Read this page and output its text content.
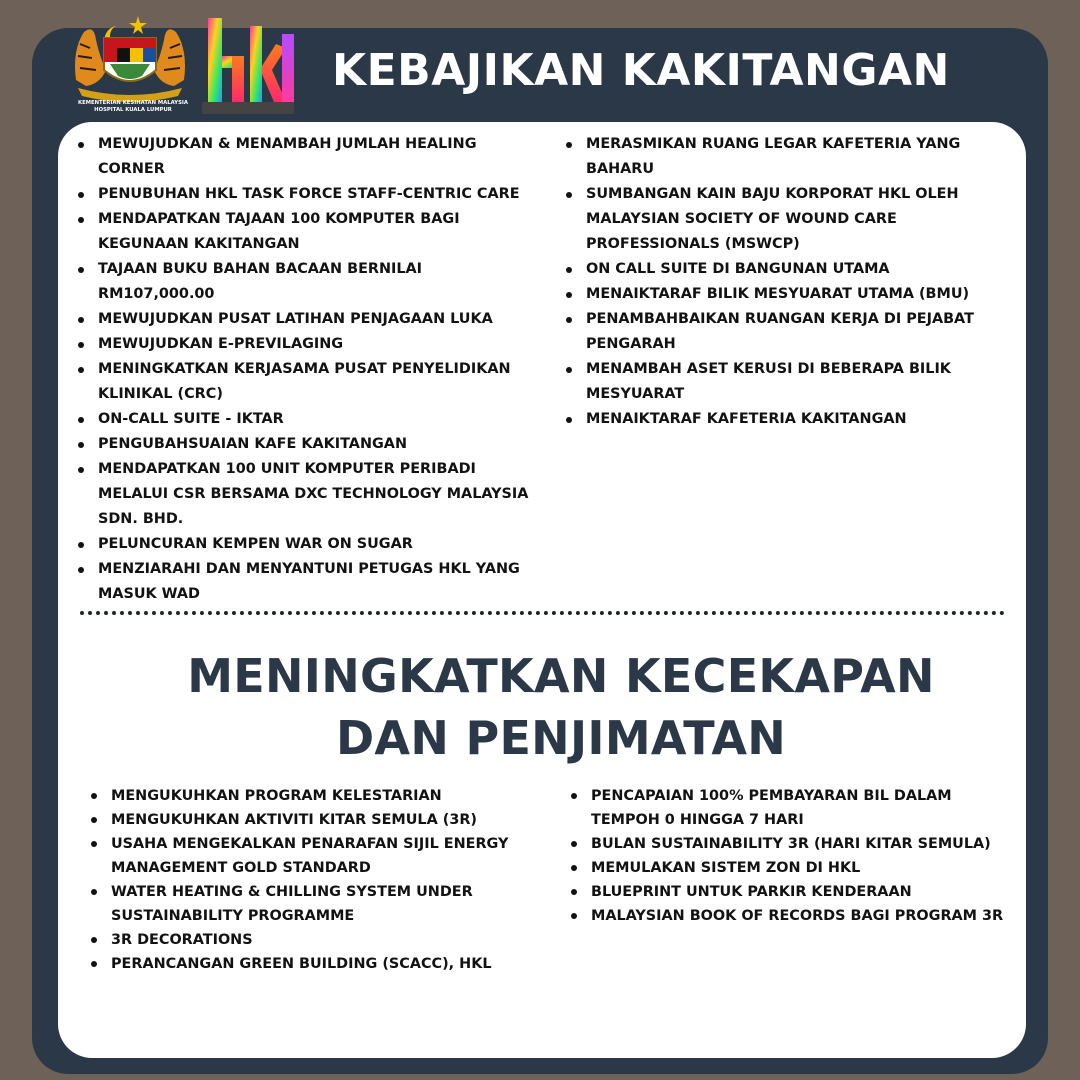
KEMENTERIAN KESIHATAN MALAYSIA
HOSPITAL KUALA LUMPUR
KEBAJIKAN KAKITANGAN
MEWUJUDKAN & MENAMBAH JUMLAH HEALING CORNER
PENUBUHAN HKL TASK FORCE STAFF-CENTRIC CARE
MENDAPATKAN TAJAAN 100 KOMPUTER BAGI KEGUNAAN KAKITANGAN
TAJAAN BUKU BAHAN BACAAN BERNILAI RM107,000.00
MEWUJUDKAN PUSAT LATIHAN PENJAGAAN LUKA
MEWUJUDKAN E-PREVILAGING
MENINGKATKAN KERJASAMA PUSAT PENYELIDIKAN KLINIKAL (CRC)
ON-CALL SUITE - IKTAR
PENGUBAHSUAIAN KAFE KAKITANGAN
MENDAPATKAN 100 UNIT KOMPUTER PERIBADI MELALUI CSR BERSAMA DXC TECHNOLOGY MALAYSIA SDN. BHD.
PELUNCURAN KEMPEN WAR ON SUGAR
MENZIARAHI DAN MENYANTUNI PETUGAS HKL YANG MASUK WAD
MERASMIKAN RUANG LEGAR KAFETERIA YANG BAHARU
SUMBANGAN KAIN BAJU KORPORAT HKL OLEH MALAYSIAN SOCIETY OF WOUND CARE PROFESSIONALS (MSWCP)
ON CALL SUITE DI BANGUNAN UTAMA
MENAIKTARAF BILIK MESYUARAT UTAMA (BMU)
PENAMBAHBAIKAN RUANGAN KERJA DI PEJABAT PENGARAH
MENAMBAH ASET KERUSI DI BEBERAPA BILIK MESYUARAT
MENAIKTARAF KAFETERIA KAKITANGAN
MENINGKATKAN KECEKAPAN
DAN PENJIMATAN
MENGUKUHKAN PROGRAM KELESTARIAN
MENGUKUHKAN AKTIVITI KITAR SEMULA (3R)
USAHA MENGEKALKAN PENARAFAN SIJIL ENERGY MANAGEMENT GOLD STANDARD
WATER HEATING & CHILLING SYSTEM UNDER SUSTAINABILITY PROGRAMME
3R DECORATIONS
PERANCANGAN GREEN BUILDING (SCACC), HKL
PENCAPAIAN 100% PEMBAYARAN BIL DALAM TEMPOH 0 HINGGA 7 HARI
BULAN SUSTAINABILITY 3R (HARI KITAR SEMULA)
MEMULAKAN SISTEM ZON DI HKL
BLUEPRINT UNTUK PARKIR KENDERAAN
MALAYSIAN BOOK OF RECORDS BAGI PROGRAM 3R
